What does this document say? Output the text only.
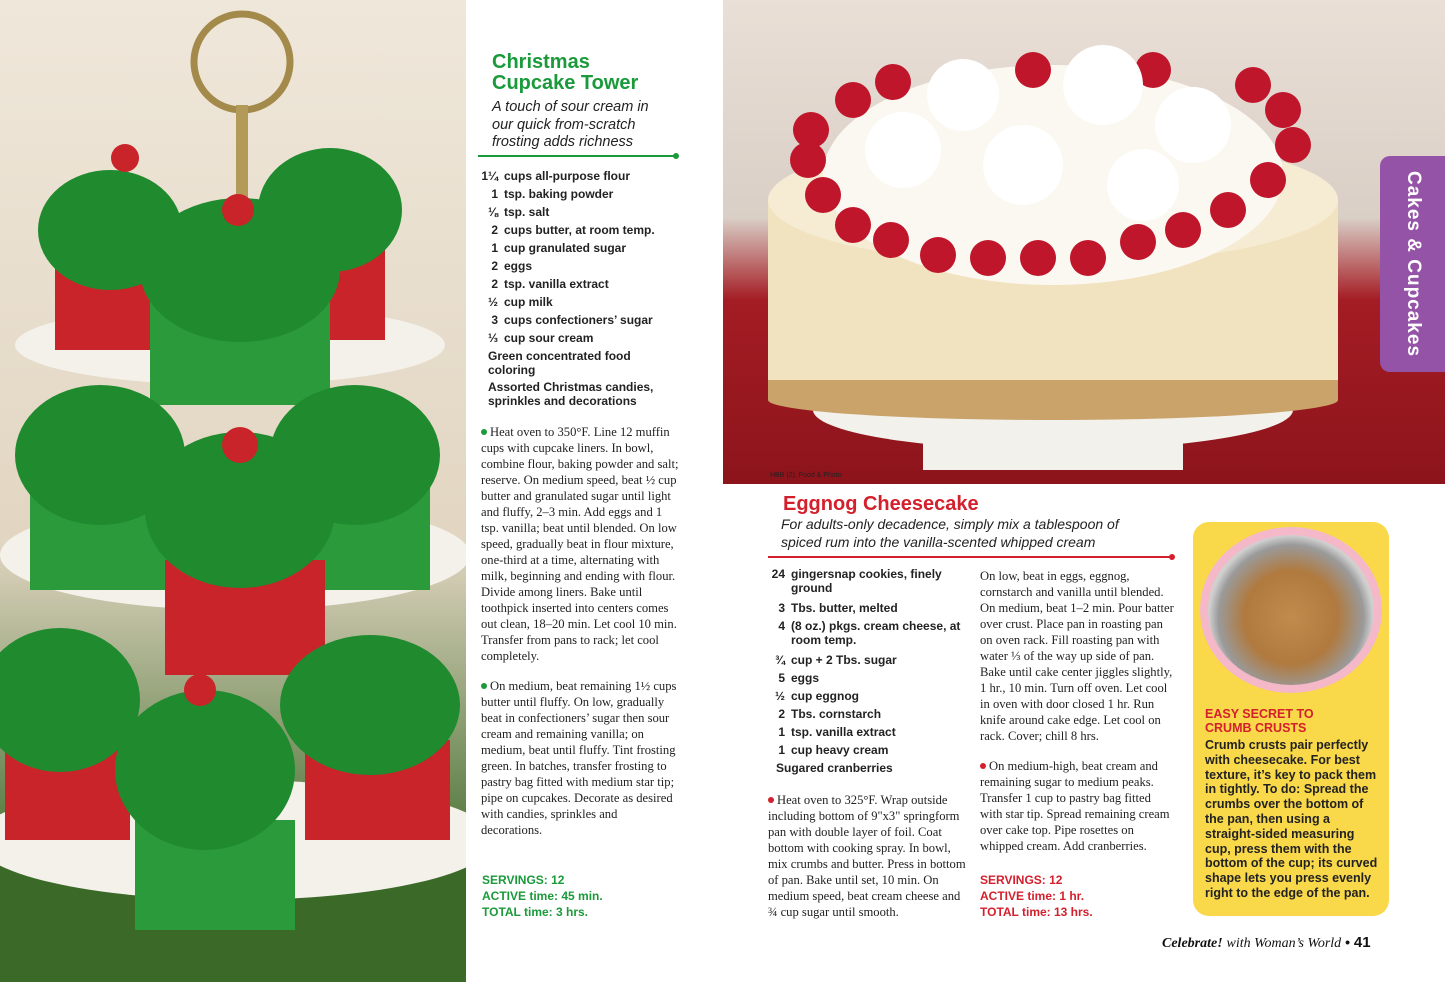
Cakes & Cupcakes
Christmas
Cupcake Tower
A touch of sour cream in
our quick from-scratch
frosting adds richness
1¼ cups all-purpose flour
1 tsp. baking powder
⅛ tsp. salt
2 cups butter, at room temp.
1 cup granulated sugar
2 eggs
2 tsp. vanilla extract
½ cup milk
3 cups confectioners’ sugar
⅓ cup sour cream
Green concentrated food coloring
Assorted Christmas candies, sprinkles and decorations

Heat oven to 350°F. Line 12 muffin cups with cupcake liners. In bowl, combine flour, baking powder and salt; reserve. On medium speed, beat ½ cup butter and granulated sugar until light and fluffy, 2–3 min. Add eggs and 1 tsp. vanilla; beat until blended. On low speed, gradually beat in flour mixture, one-third at a time, alternating with milk, beginning and ending with flour. Divide among liners. Bake until toothpick inserted into centers comes out clean, 18–20 min. Let cool 10 min. Transfer from pans to rack; let cool completely.

On medium, beat remaining 1½ cups butter until fluffy. On low, gradually beat in confectioners’ sugar then sour cream and remaining vanilla; on medium, beat until fluffy. Tint frosting green. In batches, transfer frosting to pastry bag fitted with medium star tip; pipe on cupcakes. Decorate as desired with candies, sprinkles and decorations.

SERVINGS: 12
ACTIVE time: 45 min.
TOTAL time: 3 hrs.
Eggnog Cheesecake
For adults-only decadence, simply mix a tablespoon of
spiced rum into the vanilla-scented whipped cream
24 gingersnap cookies, finely ground
3 Tbs. butter, melted
4 (8 oz.) pkgs. cream cheese, at room temp.
¾ cup + 2 Tbs. sugar
5 eggs
½ cup eggnog
2 Tbs. cornstarch
1 tsp. vanilla extract
1 cup heavy cream
Sugared cranberries

Heat oven to 325°F. Wrap outside including bottom of 9"x3" springform pan with double layer of foil. Coat bottom with cooking spray. In bowl, mix crumbs and butter. Press in bottom of pan. Bake until set, 10 min. On medium speed, beat cream cheese and ¾ cup sugar until smooth.

On low, beat in eggs, eggnog, cornstarch and vanilla until blended. On medium, beat 1–2 min. Pour batter over crust. Place pan in roasting pan on oven rack. Fill roasting pan with water ⅓ of the way up side of pan. Bake until cake center jiggles slightly, 1 hr., 10 min. Turn off oven. Let cool in oven with door closed 1 hr. Run knife around cake edge. Let cool on rack. Cover; chill 8 hrs.

On medium-high, beat cream and remaining sugar to medium peaks. Transfer 1 cup to pastry bag fitted with star tip. Spread remaining cream over cake top. Pipe rosettes on whipped cream. Add cranberries.

SERVINGS: 12
ACTIVE time: 1 hr.
TOTAL time: 13 hrs.
EASY SECRET TO
CRUMB CRUSTS
Crumb crusts pair perfectly with cheesecake. For best texture, it’s key to pack them in tightly. To do: Spread the crumbs over the bottom of the pan, then using a straight-sided measuring cup, press them with the bottom of the cup; its curved shape lets you press evenly right to the edge of the pan.
HBB (2); Food & Photo
Celebrate! with Woman’s World • 41
